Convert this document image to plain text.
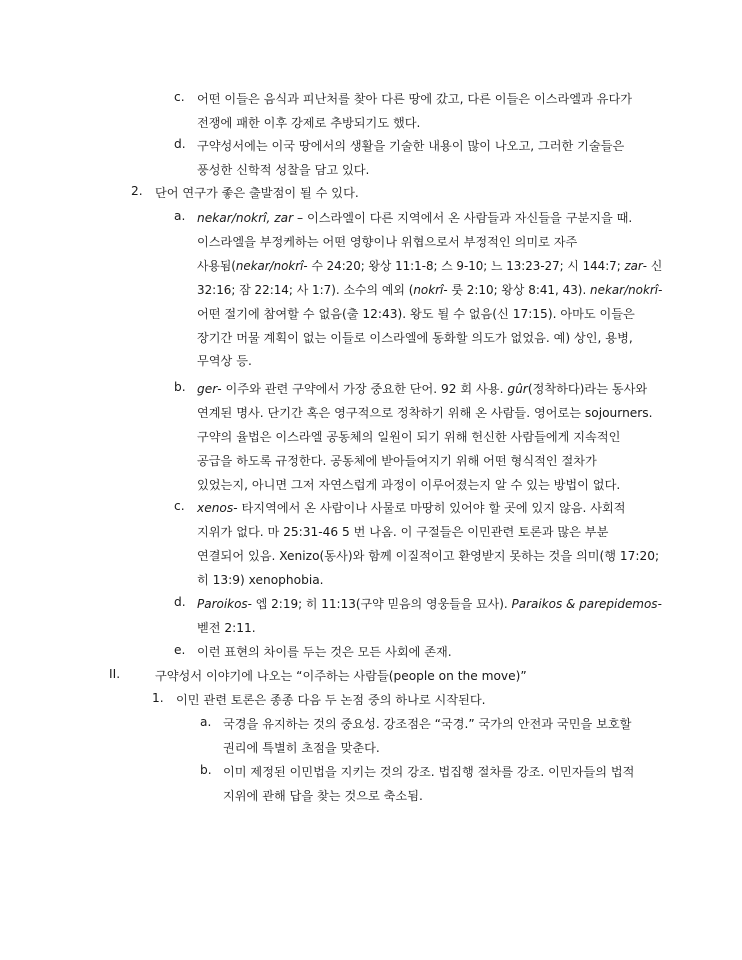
c.	어떤 이들은 음식과 피난처를 찾아 다른 땅에 갔고, 다른 이들은 이스라엘과 유다가
전쟁에 패한 이후 강제로 추방되기도 했다.
d. 구약성서에는 이국 땅에서의 생활을 기술한 내용이 많이 나오고, 그러한 기술들은
풍성한 신학적 성찰을 담고 있다.
2.	단어 연구가 좋은 출발점이 될 수 있다.
a. nekar/nokrî, zar – 이스라엘이 다른 지역에서 온 사람들과 자신들을 구분지을 때.
이스라엘을 부정케하는 어떤 영향이나 위협으로서 부정적인 의미로 자주
사용됨(nekar/nokrî- 수 24:20; 왕상 11:1-8; 스 9-10; 느 13:23-27; 시 144:7; zar- 신
32:16; 잠 22:14; 사 1:7). 소수의 예외 (nokrî- 룻 2:10; 왕상 8:41, 43). nekar/nokrî-
어떤 절기에 참여할 수 없음(출 12:43). 왕도 될 수 없음(신 17:15). 아마도 이들은
장기간 머물 계획이 없는 이들로 이스라엘에 동화할 의도가 없었음. 예) 상인, 용병,
무역상 등.
b. ger- 이주와 관련 구약에서 가장 중요한 단어. 92 회 사용. gûr(정착하다)라는 동사와
연계된 명사. 단기간 혹은 영구적으로 정착하기 위해 온 사람들. 영어로는 sojourners.
구약의 율법은 이스라엘 공동체의 일원이 되기 위해 헌신한 사람들에게 지속적인
공급을 하도록 규정한다. 공동체에 받아들여지기 위해 어떤 형식적인 절차가
있었는지, 아니면 그저 자연스럽게 과정이 이루어졌는지 알 수 있는 방법이 없다.
c.	xenos- 타지역에서 온 사람이나 사물로 마땅히 있어야 할 곳에 있지 않음. 사회적
지위가 없다. 마 25:31-46 5 번 나옴. 이 구절들은 이민관련 토론과 많은 부분
연결되어 있음. Xenizo(동사)와 함께 이질적이고 환영받지 못하는 것을 의미(행 17:20;
히 13:9) xenophobia.
d. Paroikos- 엡 2:19; 히 11:13(구약 믿음의 영웅들을 묘사). Paraikos & parepidemos-
벧전 2:11.
e. 이런 표현의 차이를 두는 것은 모든 사회에 존재.
II.	구약성서 이야기에 나오는 “이주하는 사람들(people on the move)”
1.	이민 관련 토론은 종종 다음 두 논점 중의 하나로 시작된다.
a. 국경을 유지하는 것의 중요성. 강조점은 “국경.” 국가의 안전과 국민을 보호할
권리에 특별히 초점을 맞춘다.
b. 이미 제정된 이민법을 지키는 것의 강조. 법집행 절차를 강조. 이민자들의 법적
지위에 관해 답을 찾는 것으로 축소됨.
